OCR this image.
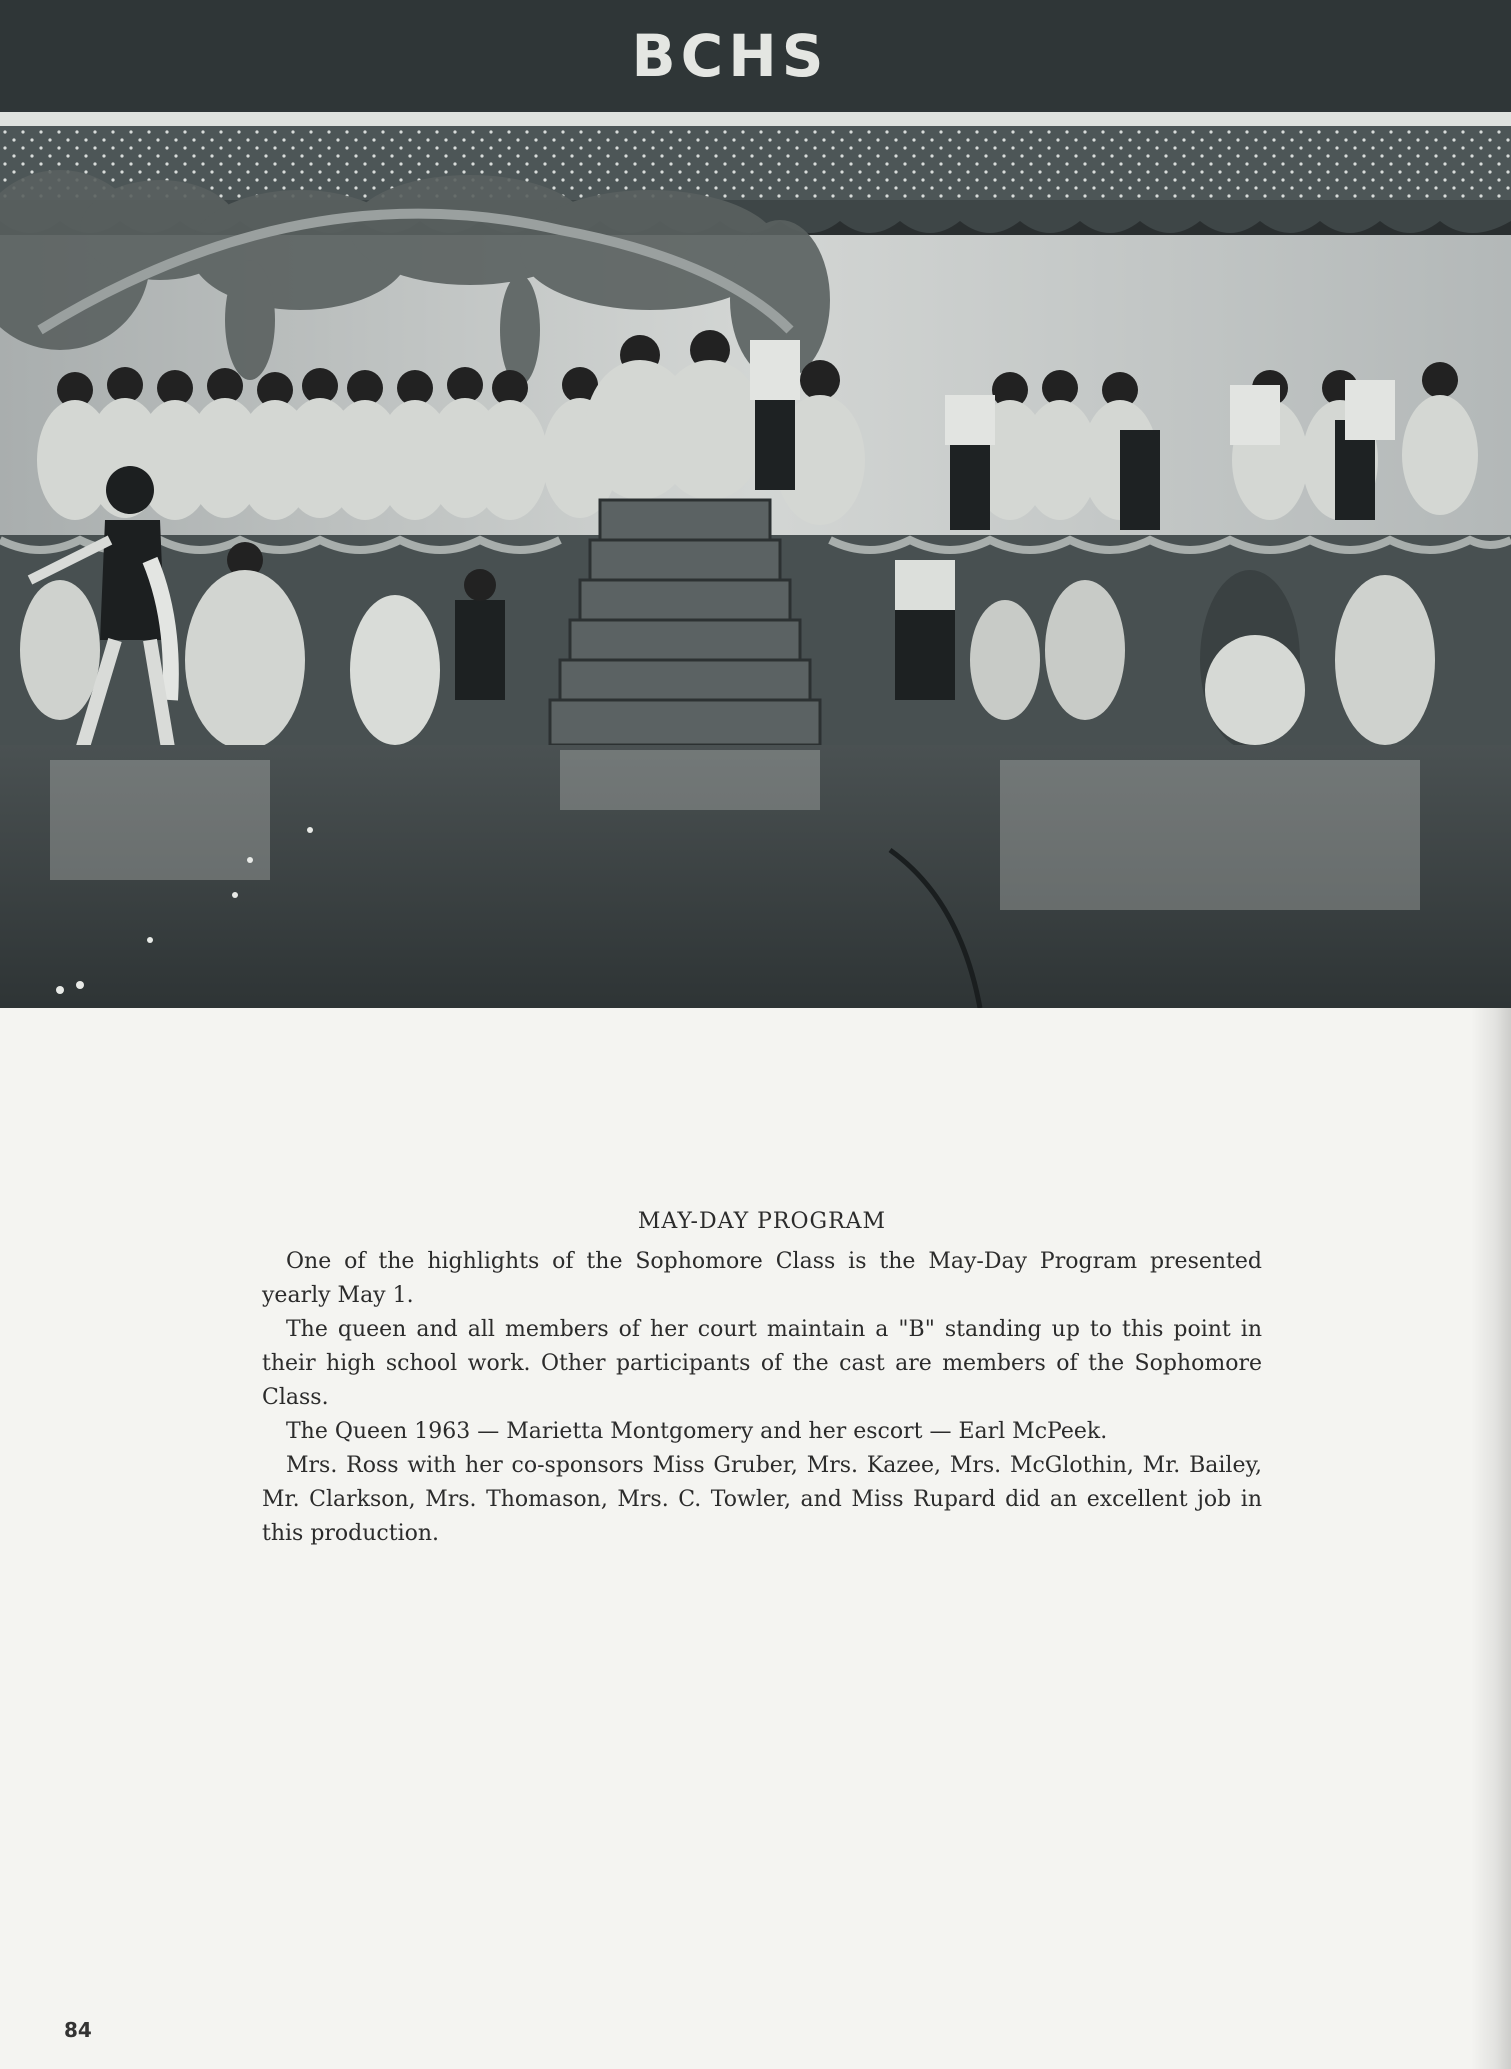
BCHS
MAY-DAY PROGRAM

One of the highlights of the Sophomore Class is the May-Day Program presented yearly May 1.

The queen and all members of her court maintain a "B" standing up to this point in their high school work. Other participants of the cast are members of the Sophomore Class.

The Queen 1963 — Marietta Montgomery and her escort — Earl McPeek.

Mrs. Ross with her co-sponsors Miss Gruber, Mrs. Kazee, Mrs. McGlothin, Mr. Bailey, Mr. Clarkson, Mrs. Thomason, Mrs. C. Towler, and Miss Rupard did an excellent job in this production.

84
